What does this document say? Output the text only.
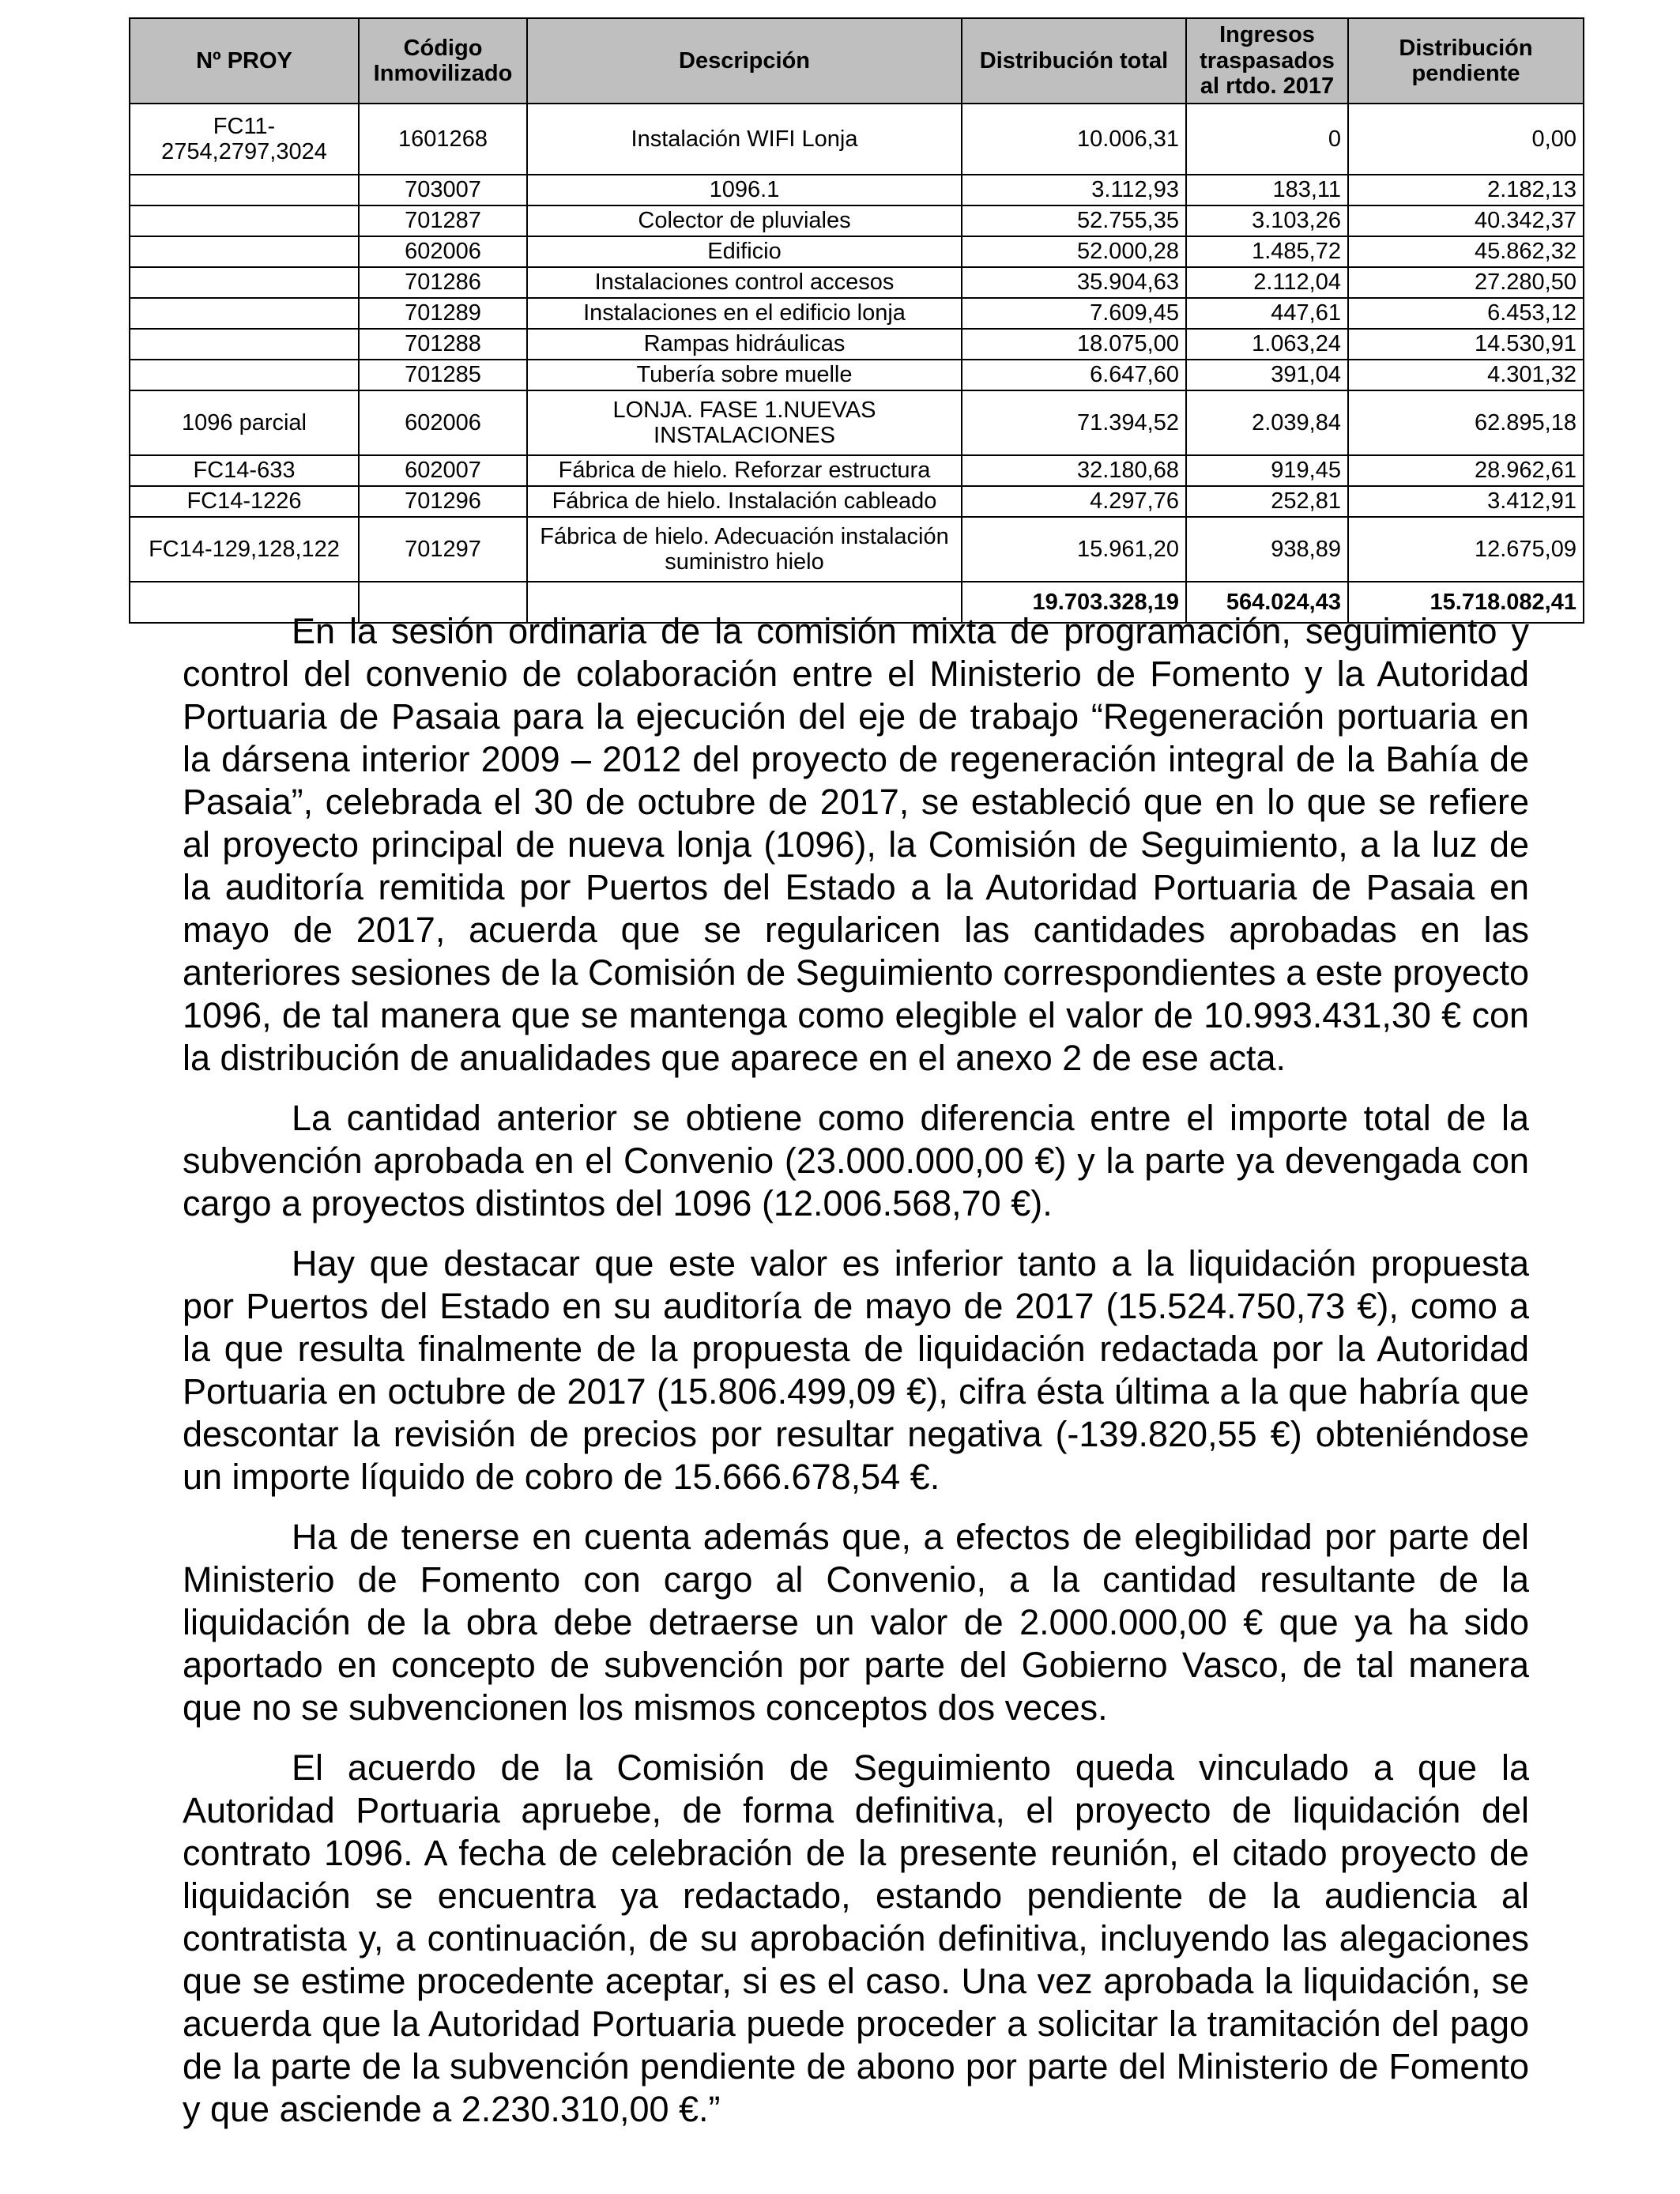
Nº PROY	Código Inmovilizado	Descripción	Distribución total	Ingresos traspasados al rtdo. 2017	Distribución pendiente
FC11-2754,2797,3024	1601268	Instalación WIFI Lonja	10.006,31	0	0,00
	703007	1096.1	3.112,93	183,11	2.182,13
	701287	Colector de pluviales	52.755,35	3.103,26	40.342,37
	602006	Edificio	52.000,28	1.485,72	45.862,32
	701286	Instalaciones control accesos	35.904,63	2.112,04	27.280,50
	701289	Instalaciones en el edificio lonja	7.609,45	447,61	6.453,12
	701288	Rampas hidráulicas	18.075,00	1.063,24	14.530,91
	701285	Tubería sobre muelle	6.647,60	391,04	4.301,32
1096 parcial	602006	LONJA. FASE 1.NUEVAS INSTALACIONES	71.394,52	2.039,84	62.895,18
FC14-633	602007	Fábrica de hielo. Reforzar estructura	32.180,68	919,45	28.962,61
FC14-1226	701296	Fábrica de hielo. Instalación cableado	4.297,76	252,81	3.412,91
FC14-129,128,122	701297	Fábrica de hielo. Adecuación instalación suministro hielo	15.961,20	938,89	12.675,09
			19.703.328,19	564.024,43	15.718.082,41

En la sesión ordinaria de la comisión mixta de programación, seguimiento y control del convenio de colaboración entre el Ministerio de Fomento y la Autoridad Portuaria de Pasaia para la ejecución del eje de trabajo “Regeneración portuaria en la dársena interior 2009 – 2012 del proyecto de regeneración integral de la Bahía de Pasaia”, celebrada el 30 de octubre de 2017, se estableció que en lo que se refiere al proyecto principal de nueva lonja (1096), la Comisión de Seguimiento, a la luz de la auditoría remitida por Puertos del Estado a la Autoridad Portuaria de Pasaia en mayo de 2017, acuerda que se regularicen las cantidades aprobadas en las anteriores sesiones de la Comisión de Seguimiento correspondientes a este proyecto 1096, de tal manera que se mantenga como elegible el valor de 10.993.431,30 € con la distribución de anualidades que aparece en el anexo 2 de ese acta.

La cantidad anterior se obtiene como diferencia entre el importe total de la subvención aprobada en el Convenio (23.000.000,00 €) y la parte ya devengada con cargo a proyectos distintos del 1096 (12.006.568,70 €).

Hay que destacar que este valor es inferior tanto a la liquidación propuesta por Puertos del Estado en su auditoría de mayo de 2017 (15.524.750,73 €), como a la que resulta finalmente de la propuesta de liquidación redactada por la Autoridad Portuaria en octubre de 2017 (15.806.499,09 €), cifra ésta última a la que habría que descontar la revisión de precios por resultar negativa (-139.820,55 €) obteniéndose un importe líquido de cobro de 15.666.678,54 €.

Ha de tenerse en cuenta además que, a efectos de elegibilidad por parte del Ministerio de Fomento con cargo al Convenio, a la cantidad resultante de la liquidación de la obra debe detraerse un valor de 2.000.000,00 € que ya ha sido aportado en concepto de subvención por parte del Gobierno Vasco, de tal manera que no se subvencionen los mismos conceptos dos veces.

El acuerdo de la Comisión de Seguimiento queda vinculado a que la Autoridad Portuaria apruebe, de forma definitiva, el proyecto de liquidación del contrato 1096. A fecha de celebración de la presente reunión, el citado proyecto de liquidación se encuentra ya redactado, estando pendiente de la audiencia al contratista y, a continuación, de su aprobación definitiva, incluyendo las alegaciones que se estime procedente aceptar, si es el caso. Una vez aprobada la liquidación, se acuerda que la Autoridad Portuaria puede proceder a solicitar la tramitación del pago de la parte de la subvención pendiente de abono por parte del Ministerio de Fomento y que asciende a 2.230.310,00 €.”
